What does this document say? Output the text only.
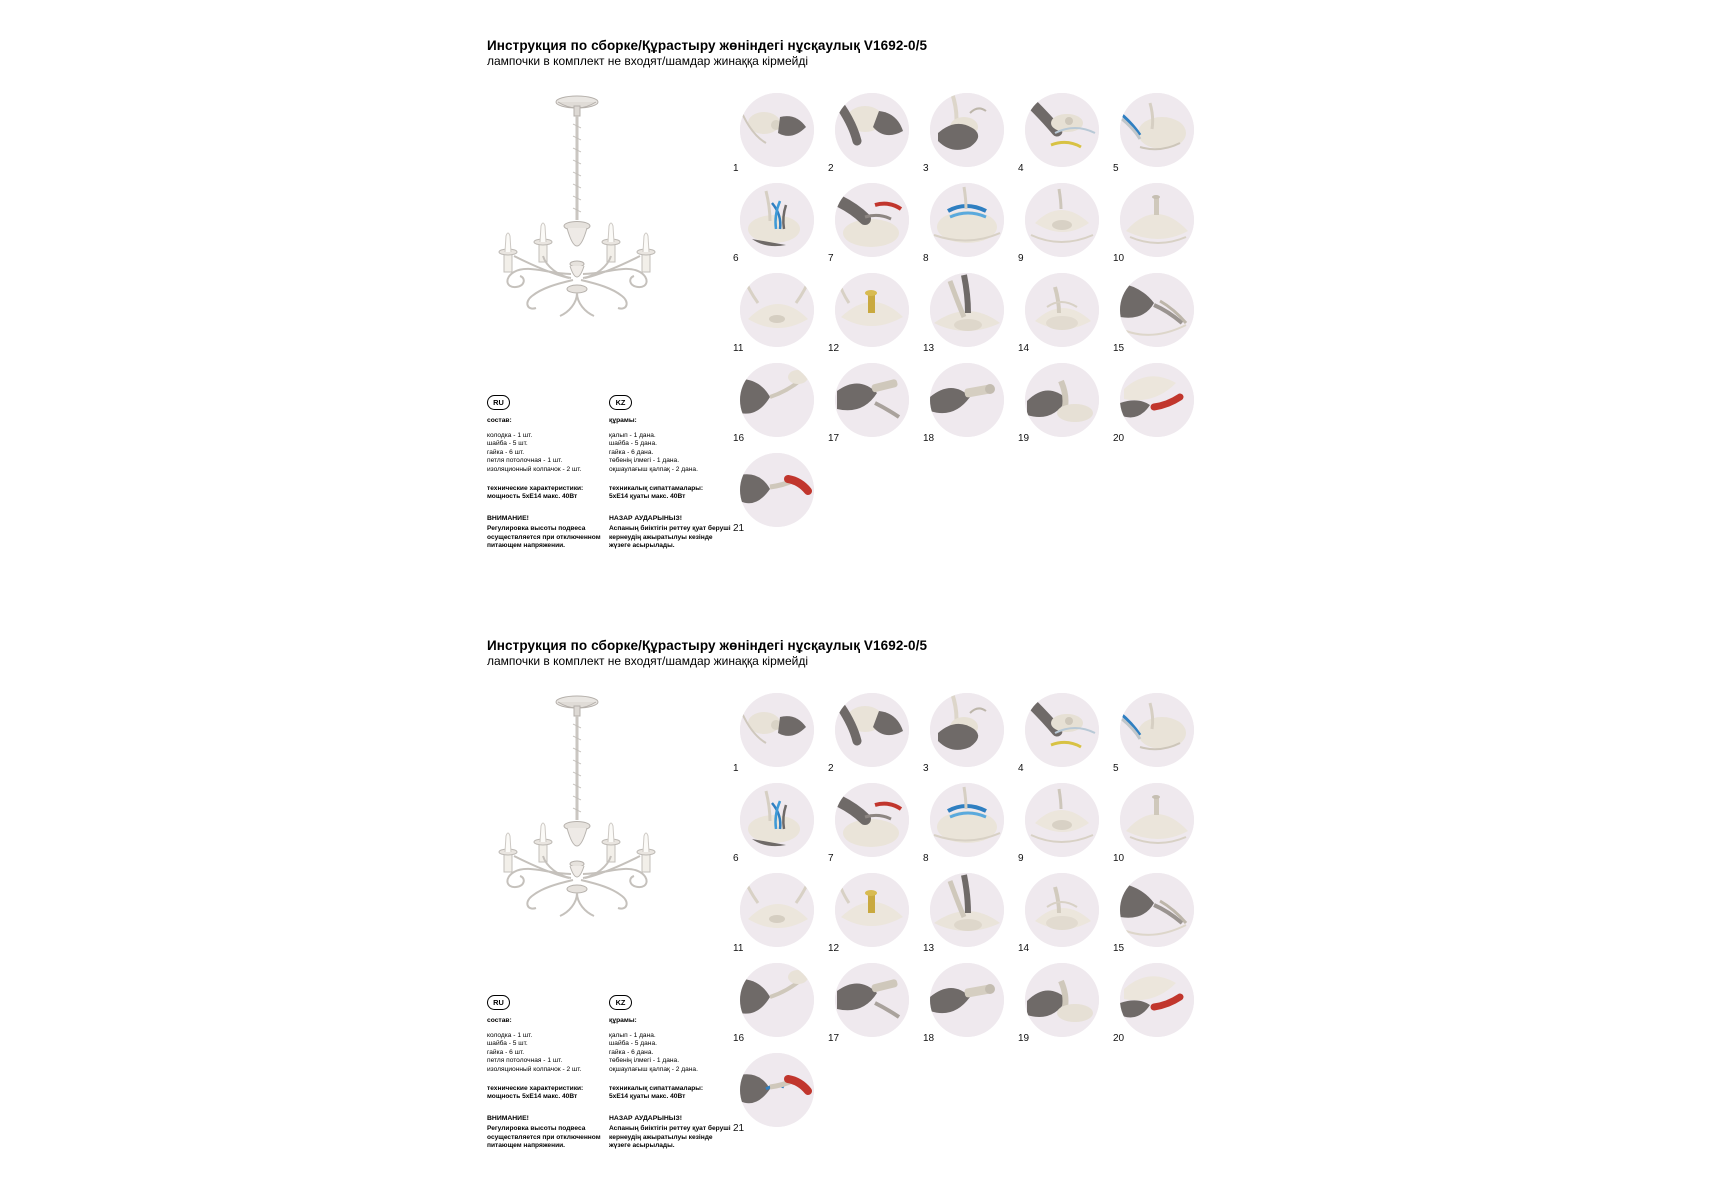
Инструкция по сборке/Құрастыру жөніндегі нұсқаулық V1692-0/5
лампочки в комплект не входят/шамдар жинаққа кірмейді
RU
состав:
колодка - 1 шт.
шайба - 5 шт.
гайка - 6 шт.
петля потолочная - 1 шт.
изоляционный колпачок - 2 шт.
технические характеристики:
мощность 5хЕ14 макс. 40Вт
ВНИМАНИЕ!
Регулировка высоты подвеса осуществляется при отключенном питающем напряжении.
KZ
құрамы:
қалып - 1 дана.
шайба - 5 дана.
гайка - 6 дана.
төбенің ілмегі - 1 дана.
оқшаулағыш қалпақ - 2 дана.
техникалық сипаттамалары:
5хЕ14 қуаты макс. 40Вт
НАЗАР АУДАРЫНЫЗ!
Аспаның биіктігін реттеу қуат беруші кернеудің ажыратылуы кезінде жүзеге асырылады.
1	2	3	4	5
6	7	8	9	10
11	12	13	14	15
16	17	18	19	20
21
Инструкция по сборке/Құрастыру жөніндегі нұсқаулық V1692-0/5
лампочки в комплект не входят/шамдар жинаққа кірмейді
RU
состав:
колодка - 1 шт.
шайба - 5 шт.
гайка - 6 шт.
петля потолочная - 1 шт.
изоляционный колпачок - 2 шт.
технические характеристики:
мощность 5хЕ14 макс. 40Вт
ВНИМАНИЕ!
Регулировка высоты подвеса осуществляется при отключенном питающем напряжении.
KZ
құрамы:
қалып - 1 дана.
шайба - 5 дана.
гайка - 6 дана.
төбенің ілмегі - 1 дана.
оқшаулағыш қалпақ - 2 дана.
техникалық сипаттамалары:
5хЕ14 қуаты макс. 40Вт
НАЗАР АУДАРЫНЫЗ!
Аспаның биіктігін реттеу қуат беруші кернеудің ажыратылуы кезінде жүзеге асырылады.
1	2	3	4	5
6	7	8	9	10
11	12	13	14	15
16	17	18	19	20
21
